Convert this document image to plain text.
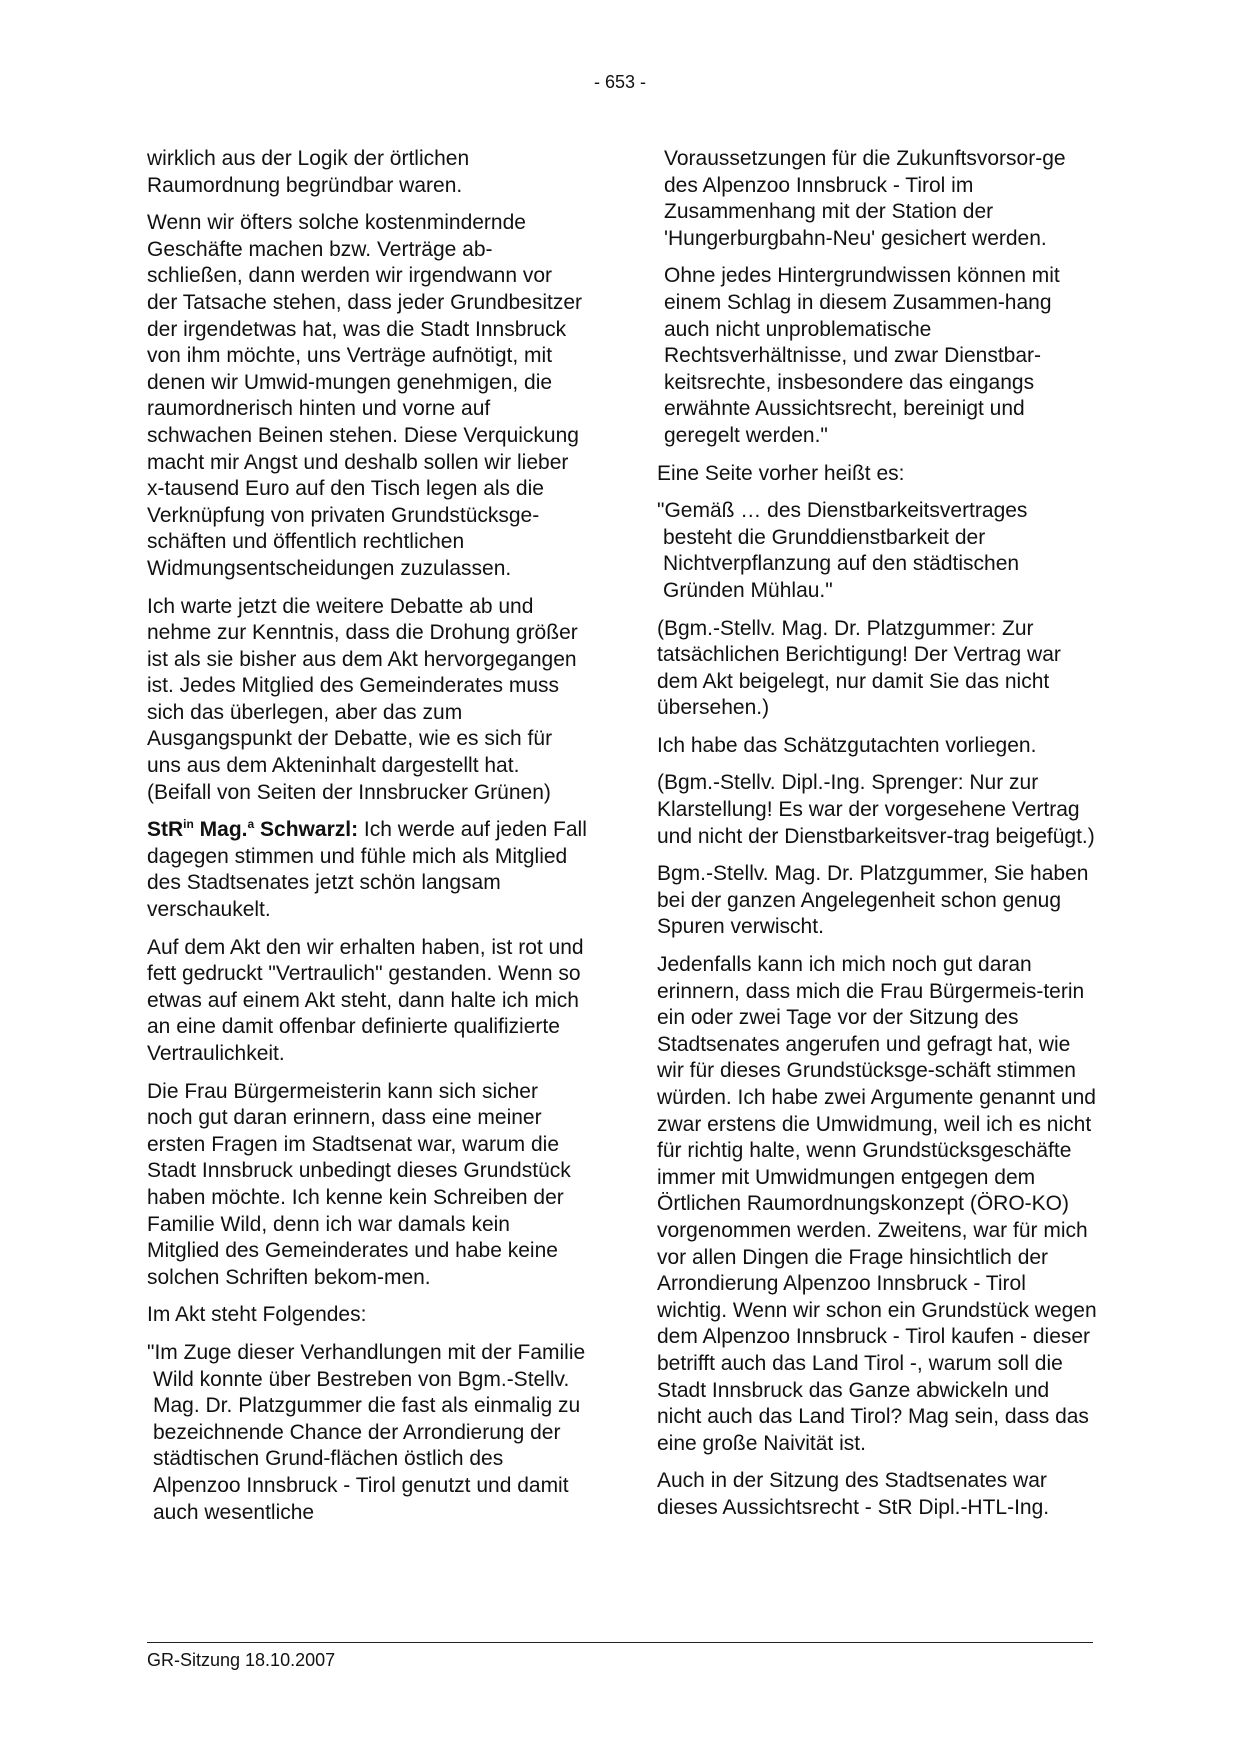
- 653 -

wirklich aus der Logik der örtlichen Raumordnung begründbar waren.

Wenn wir öfters solche kostenmindernde Geschäfte machen bzw. Verträge ab-schließen, dann werden wir irgendwann vor der Tatsache stehen, dass jeder Grundbesitzer der irgendetwas hat, was die Stadt Innsbruck von ihm möchte, uns Verträge aufnötigt, mit denen wir Umwid-mungen genehmigen, die raumordnerisch hinten und vorne auf schwachen Beinen stehen. Diese Verquickung macht mir Angst und deshalb sollen wir lieber x-tausend Euro auf den Tisch legen als die Verknüpfung von privaten Grundstücksge-schäften und öffentlich rechtlichen Widmungsentscheidungen zuzulassen.

Ich warte jetzt die weitere Debatte ab und nehme zur Kenntnis, dass die Drohung größer ist als sie bisher aus dem Akt hervorgegangen ist. Jedes Mitglied des Gemeinderates muss sich das überlegen, aber das zum Ausgangspunkt der Debatte, wie es sich für uns aus dem Akteninhalt dargestellt hat. (Beifall von Seiten der Innsbrucker Grünen)

StR$^{in}$ Mag.$^a$ Schwarzl: Ich werde auf jeden Fall dagegen stimmen und fühle mich als Mitglied des Stadtsenates jetzt schön langsam verschaukelt.

Auf dem Akt den wir erhalten haben, ist rot und fett gedruckt "Vertraulich" gestanden. Wenn so etwas auf einem Akt steht, dann halte ich mich an eine damit offenbar definierte qualifizierte Vertraulichkeit.

Die Frau Bürgermeisterin kann sich sicher noch gut daran erinnern, dass eine meiner ersten Fragen im Stadtsenat war, warum die Stadt Innsbruck unbedingt dieses Grundstück haben möchte. Ich kenne kein Schreiben der Familie Wild, denn ich war damals kein Mitglied des Gemeinderates und habe keine solchen Schriften bekom-men.

Im Akt steht Folgendes:

"Im Zuge dieser Verhandlungen mit der Familie Wild konnte über Bestreben von Bgm.-Stellv. Mag. Dr. Platzgummer die fast als einmalig zu bezeichnende Chance der Arrondierung der städtischen Grund-flächen östlich des Alpenzoo Innsbruck - Tirol genutzt und damit auch wesentliche

Voraussetzungen für die Zukunftsvorsor-ge des Alpenzoo Innsbruck - Tirol im Zusammenhang mit der Station der 'Hungerburgbahn-Neu' gesichert werden.

Ohne jedes Hintergrundwissen können mit einem Schlag in diesem Zusammen-hang auch nicht unproblematische Rechtsverhältnisse, und zwar Dienstbar-keitsrechte, insbesondere das eingangs erwähnte Aussichtsrecht, bereinigt und geregelt werden."

Eine Seite vorher heißt es:

"Gemäß … des Dienstbarkeitsvertrages besteht die Grunddienstbarkeit der Nichtverpflanzung auf den städtischen Gründen Mühlau."

(Bgm.-Stellv. Mag. Dr. Platzgummer: Zur tatsächlichen Berichtigung! Der Vertrag war dem Akt beigelegt, nur damit Sie das nicht übersehen.)

Ich habe das Schätzgutachten vorliegen.

(Bgm.-Stellv. Dipl.-Ing. Sprenger: Nur zur Klarstellung! Es war der vorgesehene Vertrag und nicht der Dienstbarkeitsver-trag beigefügt.)

Bgm.-Stellv. Mag. Dr. Platzgummer, Sie haben bei der ganzen Angelegenheit schon genug Spuren verwischt.

Jedenfalls kann ich mich noch gut daran erinnern, dass mich die Frau Bürgermeis-terin ein oder zwei Tage vor der Sitzung des Stadtsenates angerufen und gefragt hat, wie wir für dieses Grundstücksge-schäft stimmen würden. Ich habe zwei Argumente genannt und zwar erstens die Umwidmung, weil ich es nicht für richtig halte, wenn Grundstücksgeschäfte immer mit Umwidmungen entgegen dem Örtlichen Raumordnungskonzept (ÖRO-KO) vorgenommen werden. Zweitens, war für mich vor allen Dingen die Frage hinsichtlich der Arrondierung Alpenzoo Innsbruck - Tirol wichtig. Wenn wir schon ein Grundstück wegen dem Alpenzoo Innsbruck - Tirol kaufen - dieser betrifft auch das Land Tirol -, warum soll die Stadt Innsbruck das Ganze abwickeln und nicht auch das Land Tirol? Mag sein, dass das eine große Naivität ist.

Auch in der Sitzung des Stadtsenates war dieses Aussichtsrecht - StR Dipl.-HTL-Ing.

GR-Sitzung 18.10.2007
